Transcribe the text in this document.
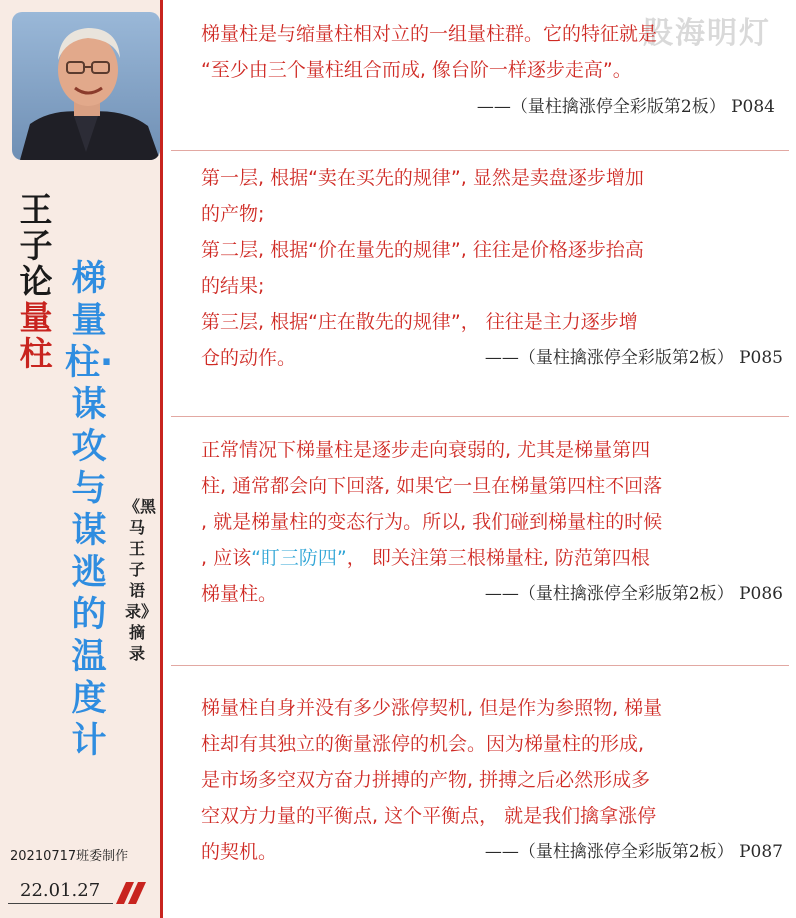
王子论
量柱
梯量柱·谋攻与谋逃的温度计
《黑马王子语录》摘录
20210717班委制作
22.01.27
股海明灯

梯量柱是与缩量柱相对立的一组量柱群。它的特征就是

“至少由三个量柱组合而成, 像台阶一样逐步走高”。

——（量柱擒涨停全彩版第2板） P084

第一层, 根据“卖在买先的规律”, 显然是卖盘逐步增加

的产物;

第二层, 根据“价在量先的规律”, 往往是价格逐步抬高

的结果;

第三层, 根据“庄在散先的规律”， 往往是主力逐步增

仓的动作。	——（量柱擒涨停全彩版第2板） P085

正常情况下梯量柱是逐步走向衰弱的, 尤其是梯量第四

柱, 通常都会向下回落, 如果它一旦在梯量第四柱不回落

, 就是梯量柱的变态行为。所以, 我们碰到梯量柱的时候

, 应该“盯三防四”， 即关注第三根梯量柱, 防范第四根

梯量柱。	——（量柱擒涨停全彩版第2板） P086

梯量柱自身并没有多少涨停契机, 但是作为参照物, 梯量

柱却有其独立的衡量涨停的机会。因为梯量柱的形成,

是市场多空双方奋力拼搏的产物, 拼搏之后必然形成多

空双方力量的平衡点, 这个平衡点， 就是我们擒拿涨停

的契机。	——（量柱擒涨停全彩版第2板） P087
